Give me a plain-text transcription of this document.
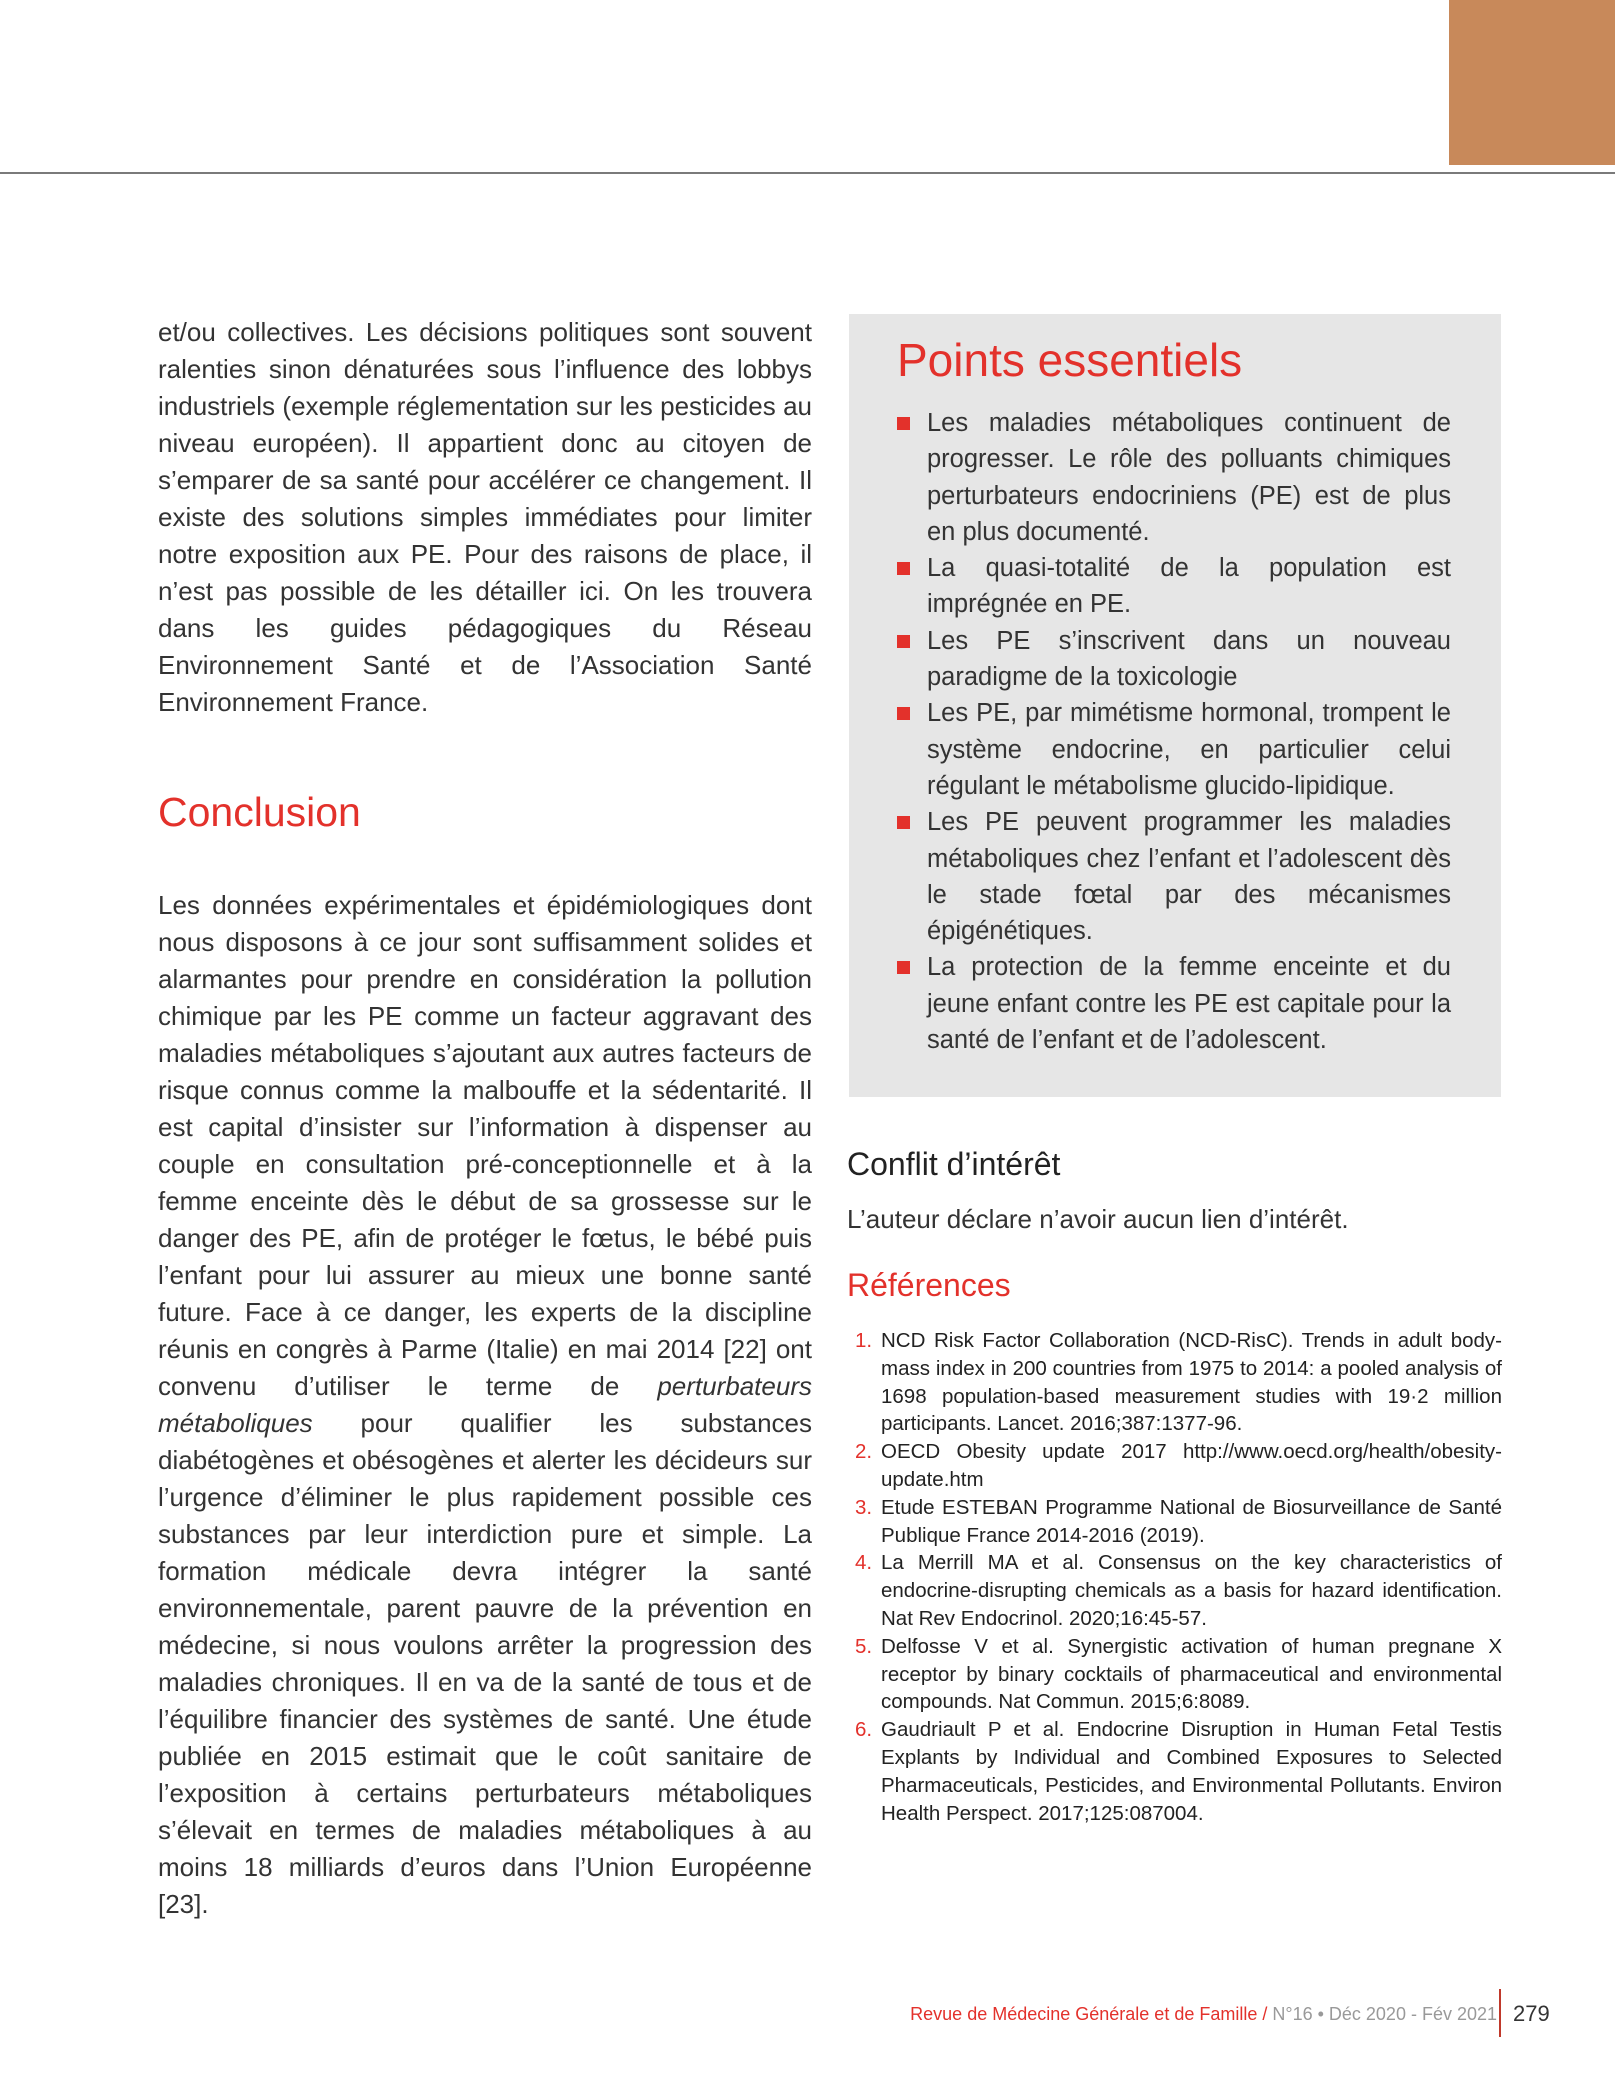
et/ou collectives. Les décisions politiques sont souvent ralenties sinon dénaturées sous l’influence des lobbys industriels (exemple réglementation sur les pesticides au niveau européen). Il appartient donc au citoyen de s’emparer de sa santé pour accélérer ce changement. Il existe des solutions simples immédiates pour limiter notre exposition aux PE. Pour des raisons de place, il n’est pas possible de les détailler ici. On les trouvera dans les guides pédagogiques du Réseau Environnement Santé et de l’Association Santé Environnement France.

Conclusion

Les données expérimentales et épidémiologiques dont nous disposons à ce jour sont suffisamment solides et alarmantes pour prendre en considération la pollution chimique par les PE comme un facteur aggravant des maladies métaboliques s’ajoutant aux autres facteurs de risque connus comme la malbouffe et la sédentarité. Il est capital d’insister sur l’information à dispenser au couple en consultation pré-conceptionnelle et à la femme enceinte dès le début de sa grossesse sur le danger des PE, afin de protéger le fœtus, le bébé puis l’enfant pour lui assurer au mieux une bonne santé future. Face à ce danger, les experts de la discipline réunis en congrès à Parme (Italie) en mai 2014 [22] ont convenu d’utiliser le terme de perturbateurs métaboliques pour qualifier les substances diabétogènes et obésogènes et alerter les décideurs sur l’urgence d’éliminer le plus rapidement possible ces substances par leur interdiction pure et simple. La formation médicale devra intégrer la santé environnementale, parent pauvre de la prévention en médecine, si nous voulons arrêter la progression des maladies chroniques. Il en va de la santé de tous et de l’équilibre financier des systèmes de santé. Une étude publiée en 2015 estimait que le coût sanitaire de l’exposition à certains perturbateurs métaboliques s’élevait en termes de maladies métaboliques à au moins 18 milliards d’euros dans l’Union Européenne [23].

Points essentiels
Les maladies métaboliques continuent de progresser. Le rôle des polluants chimiques perturbateurs endocriniens (PE) est de plus en plus documenté.
La quasi-totalité de la population est imprégnée en PE.
Les PE s’inscrivent dans un nouveau paradigme de la toxicologie
Les PE, par mimétisme hormonal, trompent le système endocrine, en particulier celui régulant le métabolisme glucido-lipidique.
Les PE peuvent programmer les maladies métaboliques chez l’enfant et l’adolescent dès le stade fœtal par des mécanismes épigénétiques.
La protection de la femme enceinte et du jeune enfant contre les PE est capitale pour la santé de l’enfant et de l’adolescent.
Conflit d’intérêt

L’auteur déclare n’avoir aucun lien d’intérêt.

Références
1. NCD Risk Factor Collaboration (NCD-RisC). Trends in adult body-mass index in 200 countries from 1975 to 2014: a pooled analysis of 1698 population-based measurement studies with 19·2 million participants. Lancet. 2016;387:1377-96.
2. OECD Obesity update 2017 http://www.oecd.org/health/obesity-update.htm
3. Etude ESTEBAN Programme National de Biosurveillance de Santé Publique France 2014-2016 (2019).
4. La Merrill MA et al. Consensus on the key characteristics of endocrine-disrupting chemicals as a basis for hazard identification. Nat Rev Endocrinol. 2020;16:45-57.
5. Delfosse V et al. Synergistic activation of human pregnane X receptor by binary cocktails of pharmaceutical and environmental compounds. Nat Commun. 2015;6:8089.
6. Gaudriault P et al. Endocrine Disruption in Human Fetal Testis Explants by Individual and Combined Exposures to Selected Pharmaceuticals, Pesticides, and Environmental Pollutants. Environ Health Perspect. 2017;125:087004.
Revue de Médecine Générale et de Famille / N°16 • Déc 2020 - Fév 2021 279
